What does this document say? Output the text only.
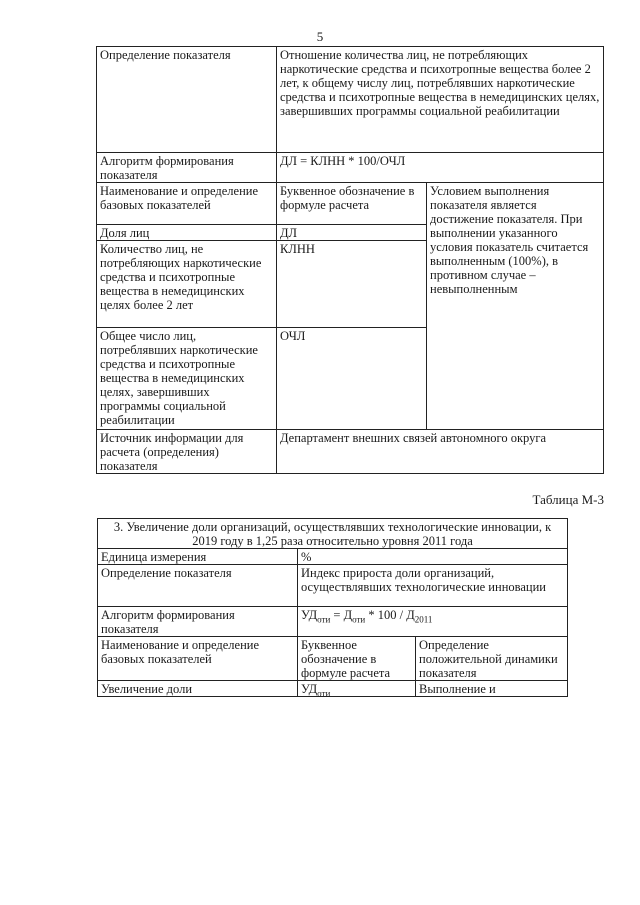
5
Определение показателя	Отношение количества лиц, не потребляющих наркотические средства и психотропные вещества более 2 лет, к общему числу лиц, потреблявших наркотические средства и психотропные вещества в немедицинских целях, завершивших программы социальной реабилитации	
Алгоритм формирования показателя	ДЛ = КЛНН * 100/ОЧЛ	
Наименование и определение базовых показателей	Буквенное обозначение в формуле расчета	Условием выполнения показателя является достижение показателя. При выполнении указанного условия показатель считается выполненным (100%), в противном случае – невыполненным
Доля лиц	ДЛ	
Количество лиц, не потребляющих наркотические средства и психотропные вещества в немедицинских целях более 2 лет	КЛНН	
Общее число лиц, потреблявших наркотические средства и психотропные вещества в немедицинских целях, завершивших программы социальной реабилитации	ОЧЛ	
Источник информации для расчета (определения) показателя	Департамент внешних связей автономного округа	
Таблица М-3
3. Увеличение доли организаций, осуществлявших технологические инновации, к 2019 году в 1,25 раза относительно уровня 2011 года		
Единица измерения	%	
Определение показателя	Индекс прироста доли организаций, осуществлявших технологические инновации	
Алгоритм формирования показателя	$УД_{оти} = Д_{оти} * 100 / Д_{2011}$
Наименование и определение базовых показателей	Буквенное обозначение в формуле расчета	Определение положительной динамики показателя
Увеличение доли	$УД_{оти}$	Выполнение и
